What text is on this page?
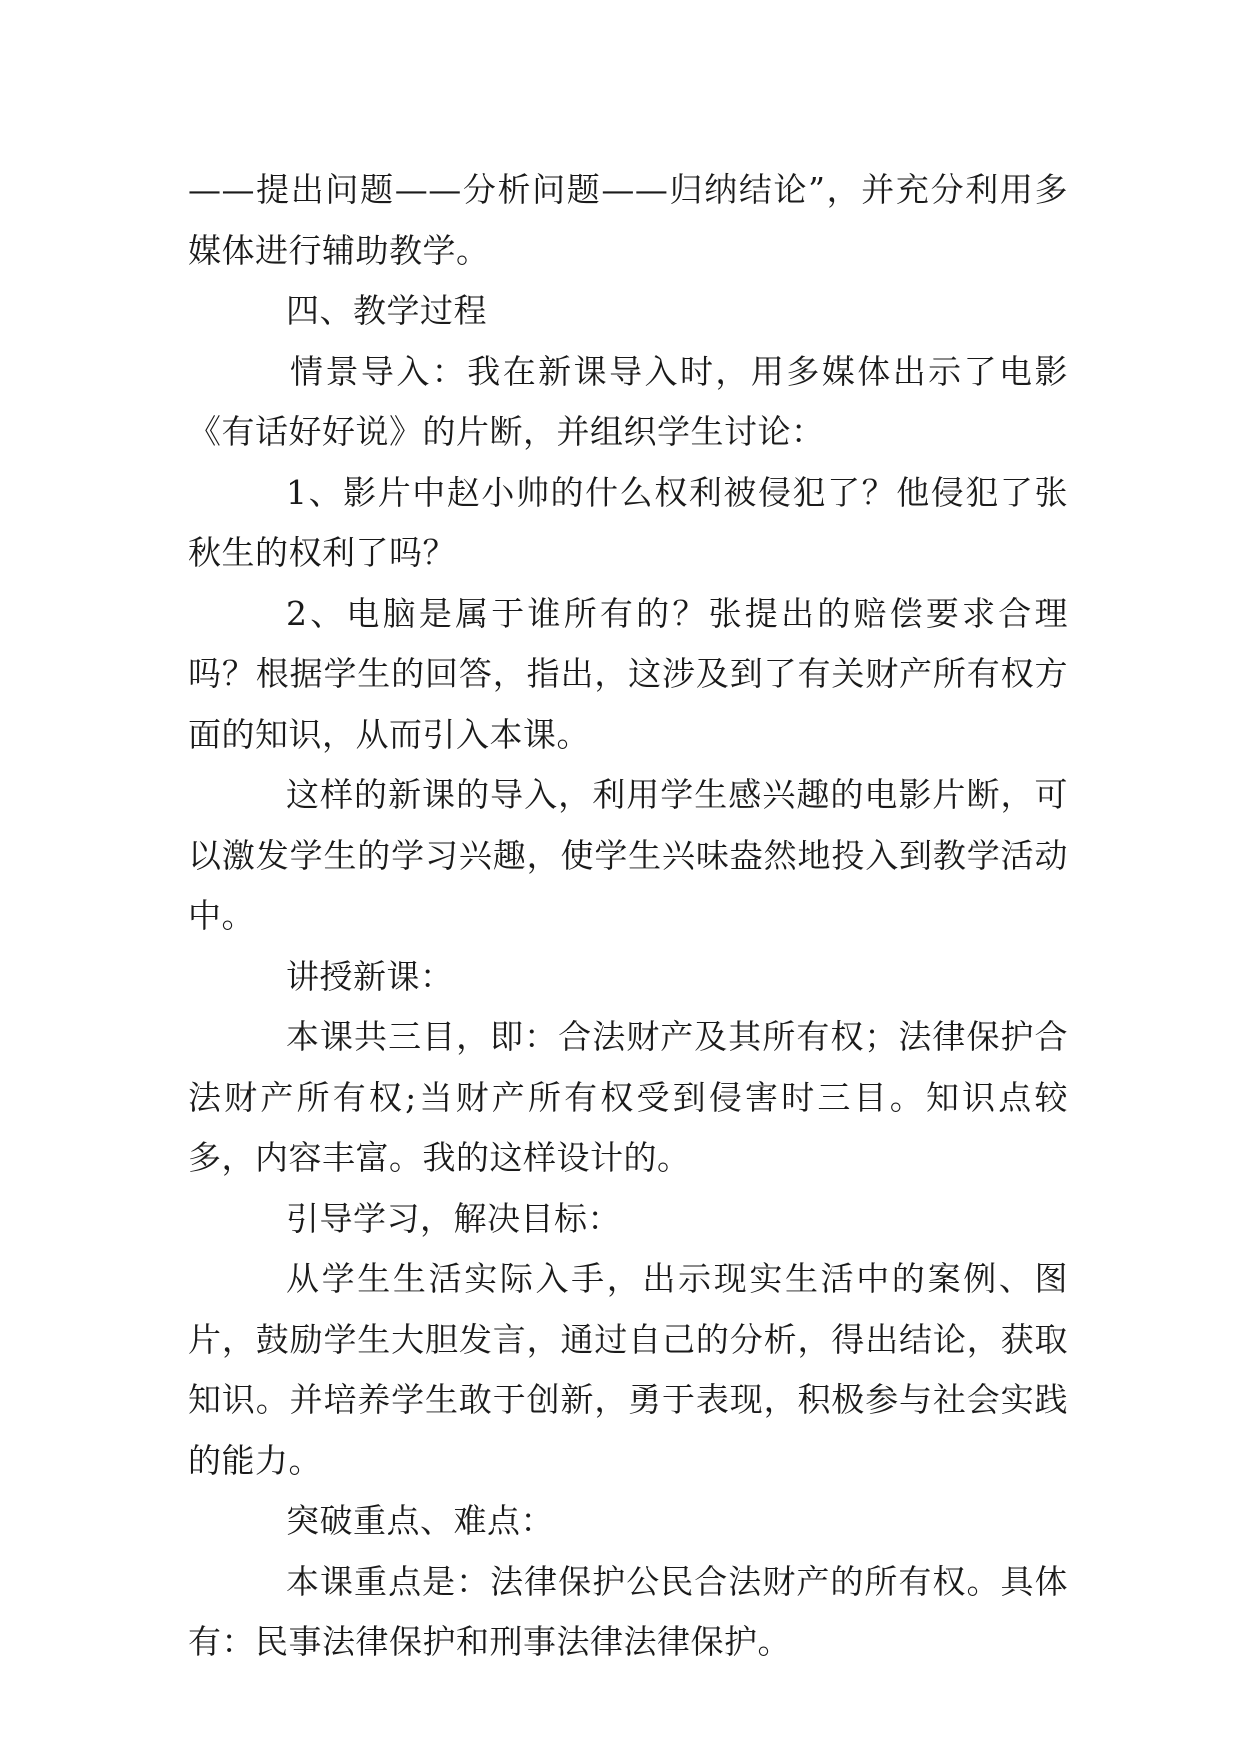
——提出问题——分析问题——归纳结论”，并充分利用多媒体进行辅助教学。

四、教学过程

情景导入：我在新课导入时，用多媒体出示了电影《有话好好说》的片断，并组织学生讨论：

1、影片中赵小帅的什么权利被侵犯了？他侵犯了张秋生的权利了吗？

2、电脑是属于谁所有的？张提出的赔偿要求合理吗？根据学生的回答，指出，这涉及到了有关财产所有权方面的知识，从而引入本课。

这样的新课的导入，利用学生感兴趣的电影片断，可以激发学生的学习兴趣，使学生兴味盎然地投入到教学活动中。

讲授新课：

本课共三目，即：合法财产及其所有权；法律保护合法财产所有权;当财产所有权受到侵害时三目。知识点较多，内容丰富。我的这样设计的。

引导学习，解决目标：

从学生生活实际入手，出示现实生活中的案例、图片，鼓励学生大胆发言，通过自己的分析，得出结论，获取知识。并培养学生敢于创新，勇于表现，积极参与社会实践的能力。

突破重点、难点：

本课重点是：法律保护公民合法财产的所有权。具体有：民事法律保护和刑事法律法律保护。
